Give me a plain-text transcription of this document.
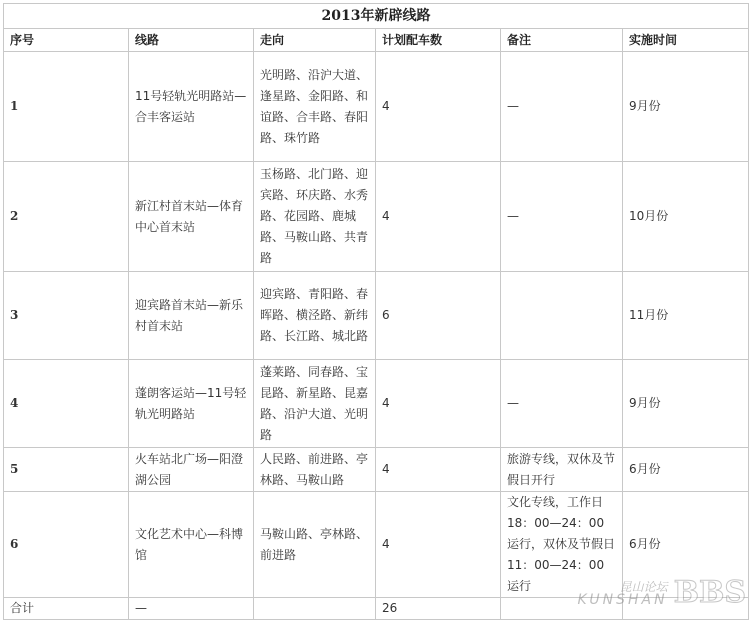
2013年新辟线路					
序号	线路	走向	计划配车数	备注	实施时间
1	11号轻轨光明路站—合丰客运站	光明路、沿沪大道、逢星路、金阳路、和谊路、合丰路、春阳路、珠竹路	4	—	9月份
2	新江村首末站—体育中心首末站	玉杨路、北门路、迎宾路、环庆路、水秀路、花园路、鹿城路、马鞍山路、共青路	4	—	10月份
3	迎宾路首末站—新乐村首末站	迎宾路、青阳路、春晖路、横泾路、新纬路、长江路、城北路	6		11月份
4	蓬朗客运站—11号轻轨光明路站	蓬莱路、同春路、宝昆路、新星路、昆嘉路、沿沪大道、光明路	4	—	9月份
5	火车站北广场—阳澄湖公园	人民路、前进路、亭林路、马鞍山路	4	旅游专线，双休及节假日开行	6月份
6	文化艺术中心—科博馆	马鞍山路、亭林路、前进路	4	文化专线，工作日18：00—24：00运行，双休及节假日11：00—24：00运行	6月份
合计	—		26		
昆山论坛
KUNSHAN BBS
